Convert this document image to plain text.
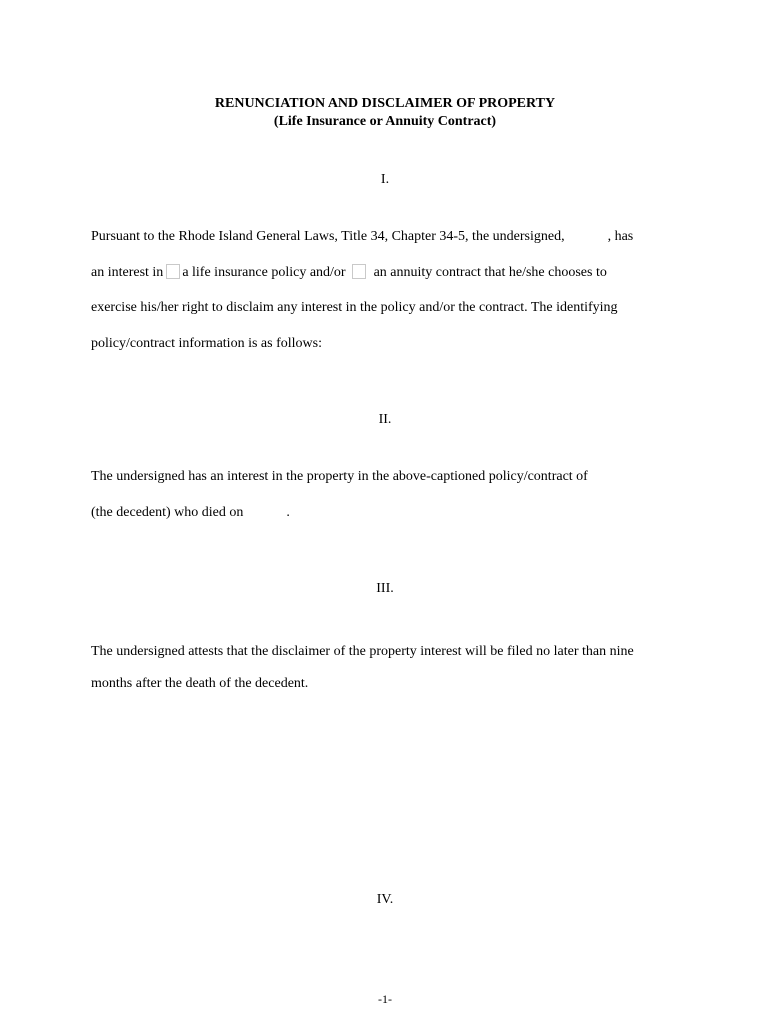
RENUNCIATION AND DISCLAIMER OF PROPERTY
(Life Insurance or Annuity Contract)
I.
Pursuant to the Rhode Island General Laws, Title 34, Chapter 34-5, the undersigned,	, has
an interest in a life insurance policy and/or an annuity contract that he/she chooses to
exercise his/her right to disclaim any interest in the policy and/or the contract. The identifying
policy/contract information is as follows:
II.
The undersigned has an interest in the property in the above-captioned policy/contract of
(the decedent) who died on	.
III.
The undersigned attests that the disclaimer of the property interest will be filed no later than nine
months after the death of the decedent.
IV.
-1-
